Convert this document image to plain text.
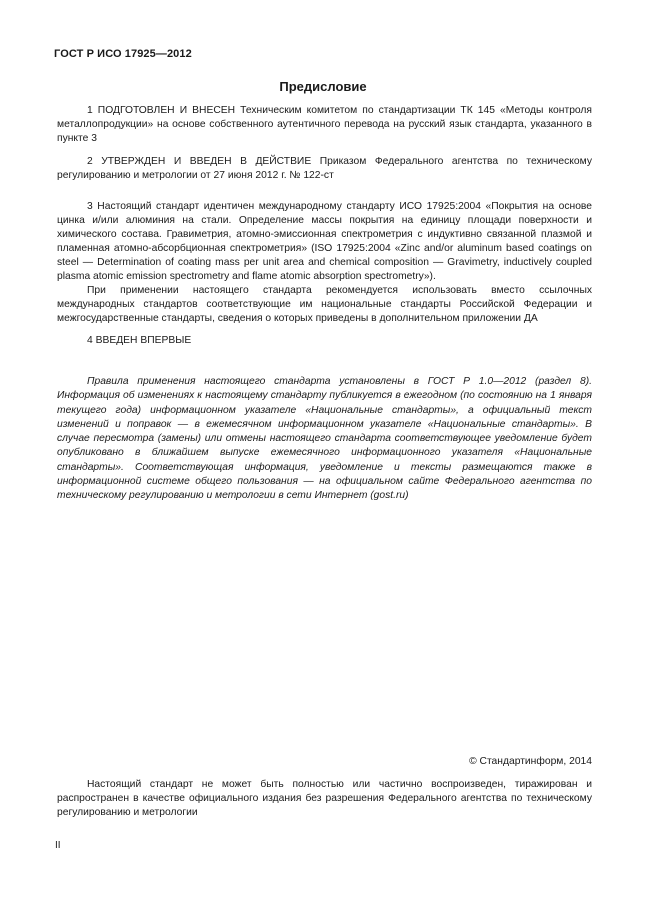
ГОСТ Р ИСО 17925—2012
Предисловие

1 ПОДГОТОВЛЕН И ВНЕСЕН Техническим комитетом по стандартизации ТК 145 «Методы контроля металлопродукции» на основе собственного аутентичного перевода на русский язык стандарта, указанного в пункте 3

2 УТВЕРЖДЕН И ВВЕДЕН В ДЕЙСТВИЕ Приказом Федерального агентства по техническому регулированию и метрологии от 27 июня 2012 г. № 122-ст

3 Настоящий стандарт идентичен международному стандарту ИСО 17925:2004 «Покрытия на основе цинка и/или алюминия на стали. Определение массы покрытия на единицу площади поверхности и химического состава. Гравиметрия, атомно-эмиссионная спектрометрия с индуктивно связанной плазмой и пламенная атомно-абсорбционная спектрометрия» (ISO 17925:2004 «Zinc and/or aluminum based coatings on steel — Determination of coating mass per unit area and chemical composition — Gravimetry, inductively coupled plasma atomic emission spectrometry and flame atomic absorption spectrometry»).

При применении настоящего стандарта рекомендуется использовать вместо ссылочных международных стандартов соответствующие им национальные стандарты Российской Федерации и межгосударственные стандарты, сведения о которых приведены в дополнительном приложении ДА

4 ВВЕДЕН ВПЕРВЫЕ

Правила применения настоящего стандарта установлены в ГОСТ Р 1.0—2012 (раздел 8). Информация об изменениях к настоящему стандарту публикуется в ежегодном (по состоянию на 1 января текущего года) информационном указателе «Национальные стандарты», а официальный текст изменений и поправок — в ежемесячном информационном указателе «Национальные стандарты». В случае пересмотра (замены) или отмены настоящего стандарта соответствующее уведомление будет опубликовано в ближайшем выпуске ежемесячного информационного указателя «Национальные стандарты». Соответствующая информация, уведомление и тексты размещаются также в информационной системе общего пользования — на официальном сайте Федерального агентства по техническому регулированию и метрологии в сети Интернет (gost.ru)

© Стандартинформ, 2014

Настоящий стандарт не может быть полностью или частично воспроизведен, тиражирован и распространен в качестве официального издания без разрешения Федерального агентства по техническому регулированию и метрологии

II
